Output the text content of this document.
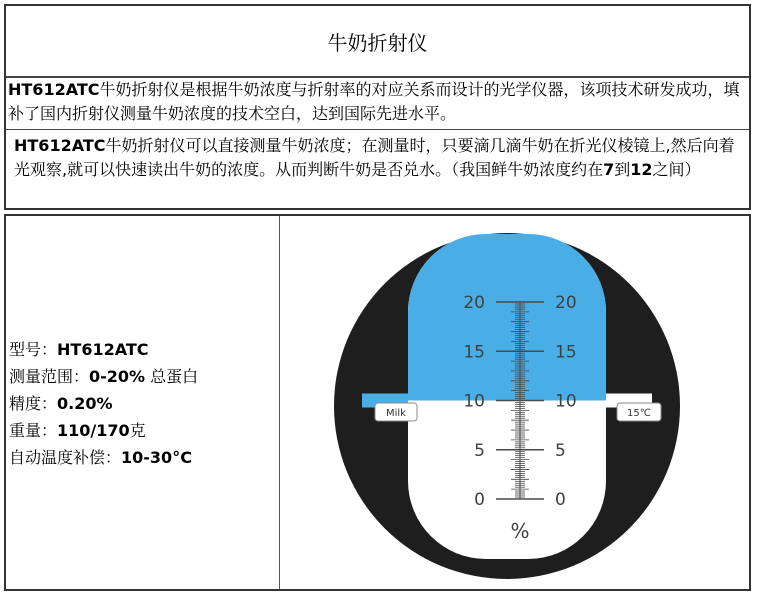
牛奶折射仪
HT612ATC牛奶折射仪是根据牛奶浓度与折射率的对应关系而设计的光学仪器，该项技术研发成功，填补了国内折射仪测量牛奶浓度的技术空白，达到国际先进水平。
HT612ATC牛奶折射仪可以直接测量牛奶浓度；在测量时，只要滴几滴牛奶在折光仪棱镜上,然后向着光观察,就可以快速读出牛奶的浓度。从而判断牛奶是否兑水。（我国鲜牛奶浓度约在7到12之间）
型号：HT612ATC
测量范围：0-20% 总蛋白
精度：0.20%
重量：110/170克
自动温度补偿：10-30°C
20
15
10
5
0
20
15
10
5
0
Milk	15℃
%
